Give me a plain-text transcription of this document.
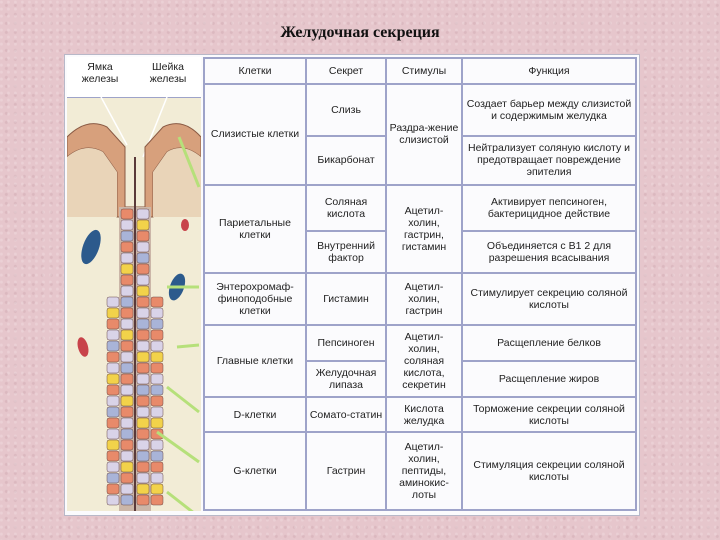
Желудочная секреция
Ямка железы
Шейка железы
Клетки	Секрет	Стимулы	Функция
Слизистые клетки	Слизь	Раздра-жение слизистой	Создает барьер между слизистой и содержимым желудка
	Бикарбонат		Нейтрализует соляную кислоту и предотвращает повреждение эпителия
Париетальные клетки	Соляная кислота	Ацетил-холин, гастрин, гистамин	Активирует пепсиноген, бактерицидное действие
	Внутренний фактор		Объединяется с В1 2 для разрешения всасывания
Энтерохромаф-финоподобные клетки	Гистамин	Ацетил-холин, гастрин	Стимулирует секрецию соляной кислоты
Главные клетки	Пепсиноген	Ацетил-холин, соляная кислота, секретин	Расщепление белков
	Желудочная липаза		Расщепление жиров
D-клетки	Сомато-статин	Кислота желудка	Торможение секреции соляной кислоты
G-клетки	Гастрин	Ацетил-холин, пептиды, аминокис-лоты	Стимуляция секреции соляной кислоты
